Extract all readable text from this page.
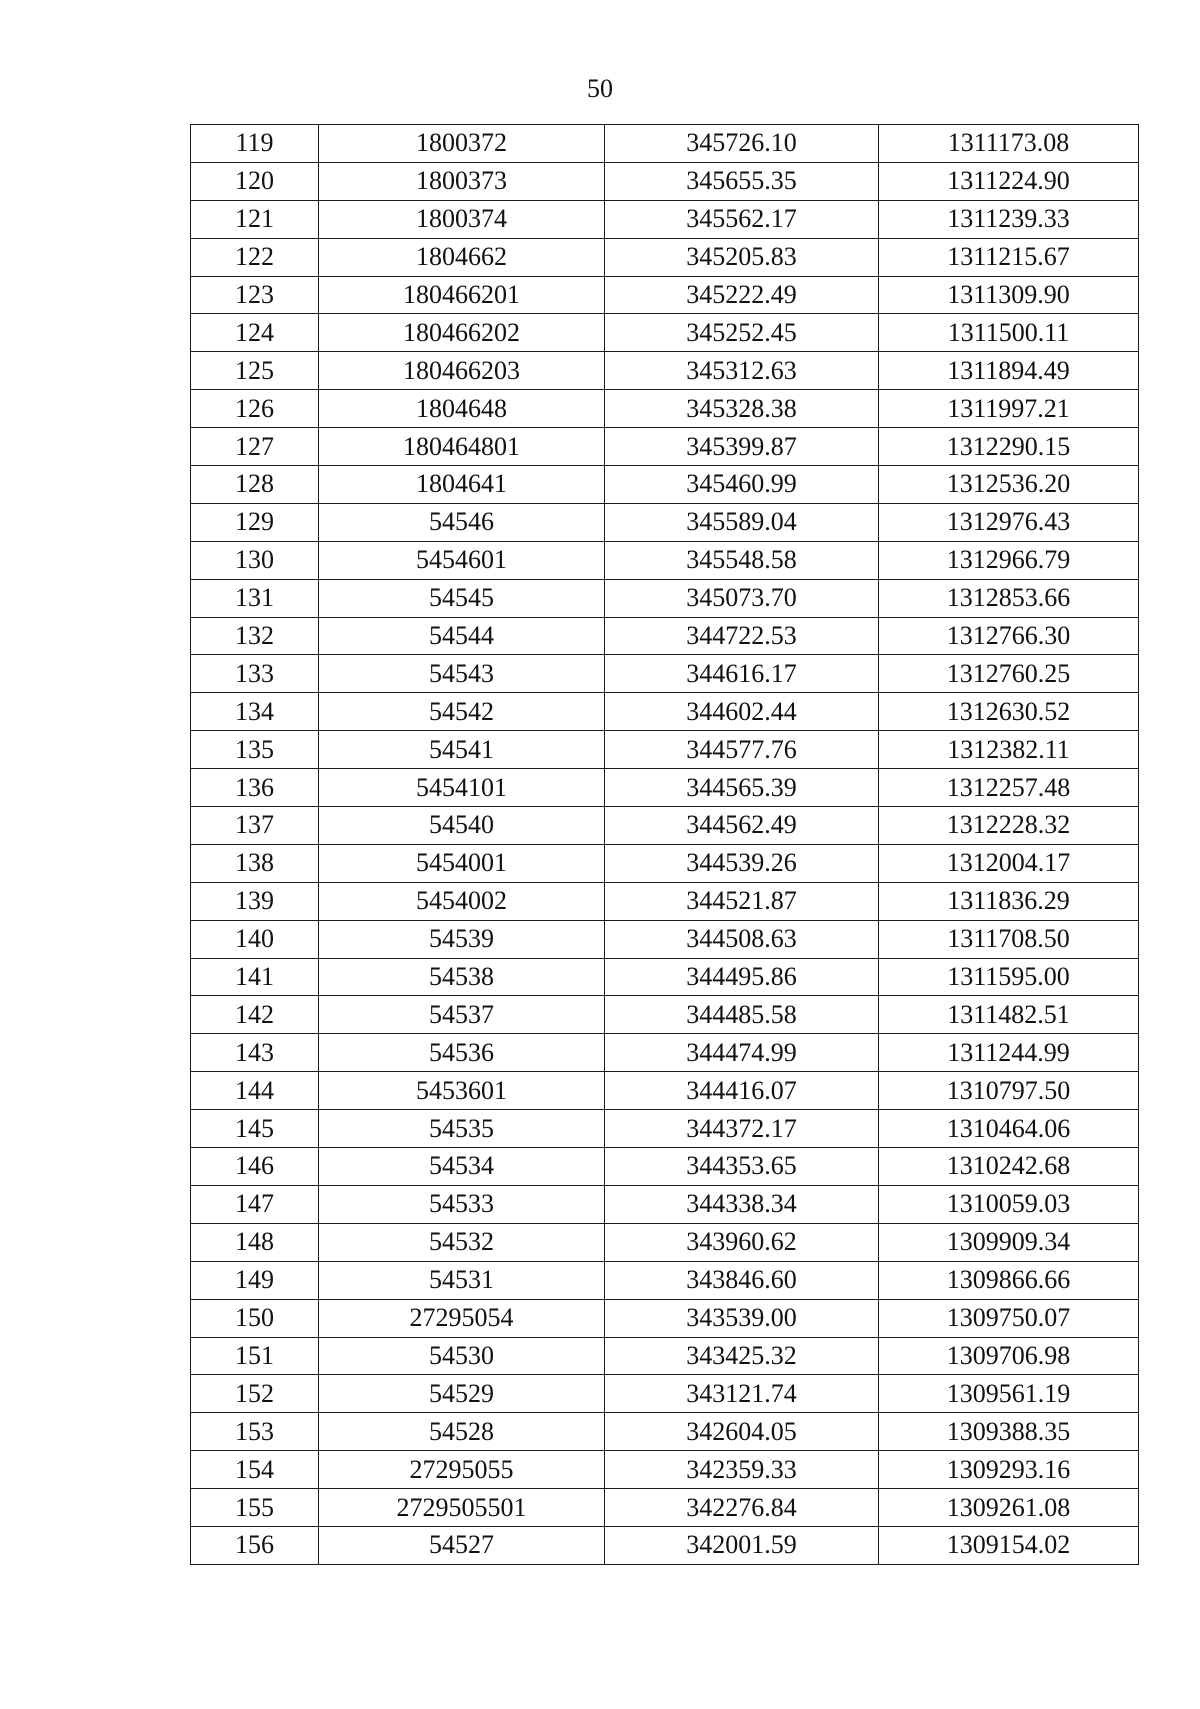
50
119	1800372	345726.10	1311173.08
120	1800373	345655.35	1311224.90
121	1800374	345562.17	1311239.33
122	1804662	345205.83	1311215.67
123	180466201	345222.49	1311309.90
124	180466202	345252.45	1311500.11
125	180466203	345312.63	1311894.49
126	1804648	345328.38	1311997.21
127	180464801	345399.87	1312290.15
128	1804641	345460.99	1312536.20
129	54546	345589.04	1312976.43
130	5454601	345548.58	1312966.79
131	54545	345073.70	1312853.66
132	54544	344722.53	1312766.30
133	54543	344616.17	1312760.25
134	54542	344602.44	1312630.52
135	54541	344577.76	1312382.11
136	5454101	344565.39	1312257.48
137	54540	344562.49	1312228.32
138	5454001	344539.26	1312004.17
139	5454002	344521.87	1311836.29
140	54539	344508.63	1311708.50
141	54538	344495.86	1311595.00
142	54537	344485.58	1311482.51
143	54536	344474.99	1311244.99
144	5453601	344416.07	1310797.50
145	54535	344372.17	1310464.06
146	54534	344353.65	1310242.68
147	54533	344338.34	1310059.03
148	54532	343960.62	1309909.34
149	54531	343846.60	1309866.66
150	27295054	343539.00	1309750.07
151	54530	343425.32	1309706.98
152	54529	343121.74	1309561.19
153	54528	342604.05	1309388.35
154	27295055	342359.33	1309293.16
155	2729505501	342276.84	1309261.08
156	54527	342001.59	1309154.02
